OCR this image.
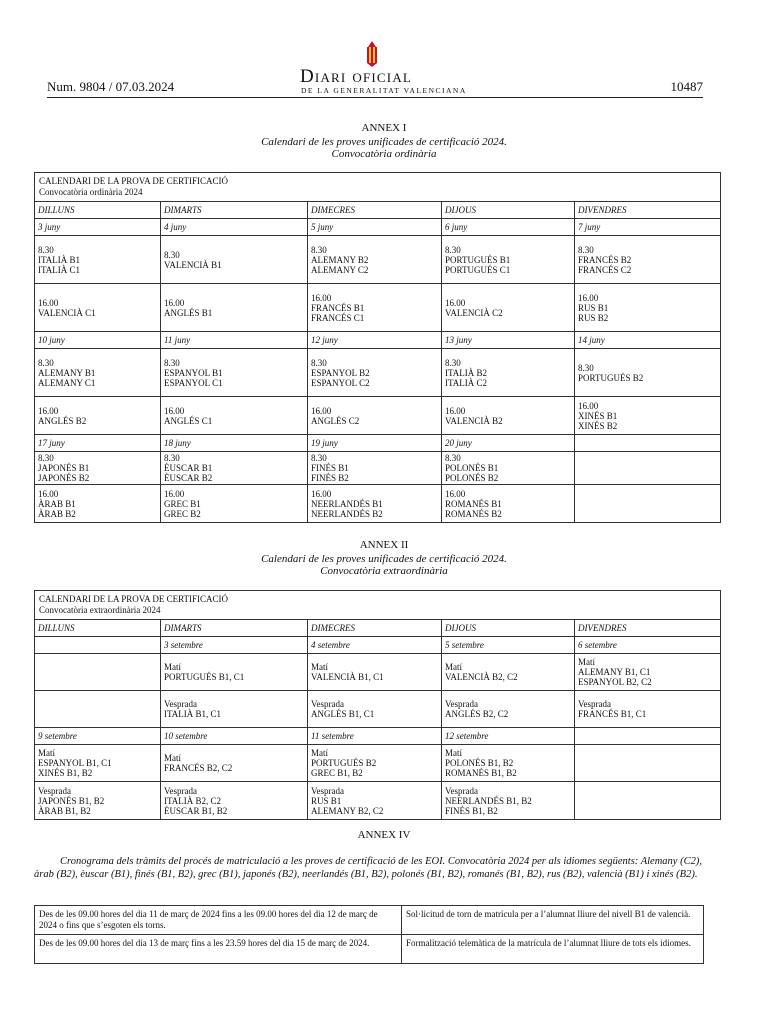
Num. 9804 / 07.03.2024	Diari oficial
DE LA GENERALITAT VALENCIANA	10487
ANNEX I
Calendari de les proves unificades de certificació 2024.
Convocatòria ordinària
CALENDARI DE LA PROVA DE CERTIFICACIÓ
Convocatòria ordinària 2024				

DILLUNS	DIMARTS	DIMECRES	DIJOUS	DIVENDRES
3 juny	4 juny	5 juny	6 juny	7 juny

8.30
ITALIÀ B1
ITALIÀ C1	8.30
VALENCIÀ B1	8.30
ALEMANY B2
ALEMANY C2	8.30
PORTUGUÉS B1
PORTUGUÉS C1	8.30
FRANCÉS B2
FRANCÉS C2

16.00
VALENCIÀ C1	16.00
ANGLÉS B1	16.00
FRANCÉS B1
FRANCÉS C1	16.00
VALENCIÀ C2	16.00
RUS B1
RUS B2

10 juny	11 juny	12 juny	13 juny	14 juny

8.30
ALEMANY B1
ALEMANY C1	8.30
ESPANYOL B1
ESPANYOL C1	8.30
ESPANYOL B2
ESPANYOL C2	8.30
ITALIÀ B2
ITALIÀ C2	8.30
PORTUGUÉS B2

16.00
ANGLÉS B2	16.00
ANGLÉS C1	16.00
ANGLÉS C2	16.00
VALENCIÀ B2	16.00
XINÉS B1
XINÉS B2

17 juny	18 juny	19 juny	20 juny	

8.30
JAPONÉS B1
JAPONÉS B2	8.30
ÈUSCAR B1
ÈUSCAR B2	8.30
FINÉS B1
FINÉS B2	8.30
POLONÉS B1
POLONÉS B2	

16.00
ÀRAB B1
ÀRAB B2	16.00
GREC B1
GREC B2	16.00
NEERLANDÉS B1
NEERLANDÉS B2	16.00
ROMANÉS B1
ROMANÉS B2	

ANNEX II
Calendari de les proves unificades de certificació 2024.
Convocatòria extraordinària
CALENDARI DE LA PROVA DE CERTIFICACIÓ
Convocatòria extraordinària 2024				

DILLUNS	DIMARTS	DIMECRES	DIJOUS	DIVENDRES
	3 setembre	4 setembre	5 setembre	6 setembre

	Matí
PORTUGUÉS B1, C1	Matí
VALENCIÀ B1, C1	Matí
VALENCIÀ B2, C2	Matí
ALEMANY B1, C1
ESPANYOL B2, C2

	Vesprada
ITALIÀ B1, C1	Vesprada
ANGLÉS B1, C1	Vesprada
ANGLÉS B2, C2	Vesprada
FRANCÉS B1, C1

9 setembre	10 setembre	11 setembre	12 setembre	

Matí
ESPANYOL B1, C1
XINÉS B1, B2	Matí
FRANCÉS B2, C2	Matí
PORTUGUÉS B2
GREC B1, B2	Matí
POLONÉS B1, B2
ROMANÉS B1, B2	

Vesprada
JAPONÉS B1, B2
ÀRAB B1, B2	Vesprada
ITALIÀ B2, C2
ÈUSCAR B1, B2	Vesprada
RUS B1
ALEMANY B2, C2	Vesprada
NEERLANDÉS B1, B2
FINÉS B1, B2	

ANNEX IV
Cronograma dels tràmits del procés de matriculació a les proves de certificació de les EOI. Convocatòria 2024 per als idiomes següents: Alemany (C2), àrab (B2), èuscar (B1), finés (B1, B2), grec (B1), japonés (B2), neerlandés (B1, B2), polonés (B1, B2), romanés (B1, B2), rus (B2), valencià (B1) i xinés (B2).
Des de les 09.00 hores del dia 11 de març de 2024 fins a les 09.00 hores del dia 12 de març de 2024 o fins que s’esgoten els torns.	Sol·licitud de torn de matrícula per a l’alumnat lliure del nivell B1 de valencià.
Des de les 09.00 hores del dia 13 de març fins a les 23.59 hores del dia 15 de març de 2024.	Formalització telemàtica de la matrícula de l’alumnat lliure de tots els idiomes.
